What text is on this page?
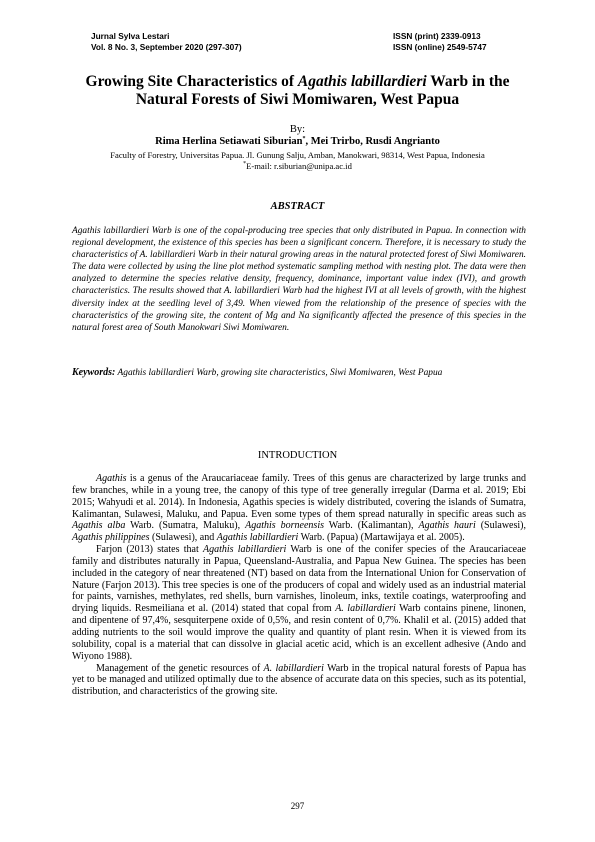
Jurnal Sylva Lestari	ISSN (print) 2339-0913
Vol. 8 No. 3, September 2020 (297-307)	ISSN (online) 2549-5747
Growing Site Characteristics of Agathis labillardieri Warb in the
Natural Forests of Siwi Momiwaren, West Papua
By:
Rima Herlina Setiawati Siburian*, Mei Trirbo, Rusdi Angrianto
Faculty of Forestry, Universitas Papua. Jl. Gunung Salju, Amban, Manokwari, 98314, West Papua, Indonesia
*E-mail: r.siburian@unipa.ac.id
ABSTRACT
Agathis labillardieri Warb is one of the copal-producing tree species that only distributed in Papua. In connection with regional development, the existence of this species has been a significant concern. Therefore, it is necessary to study the characteristics of A. labillardieri Warb in their natural growing areas in the natural protected forest of Siwi Momiwaren. The data were collected by using the line plot method systematic sampling method with nesting plot. The data were then analyzed to determine the species relative density, frequency, dominance, important value index (IVI), and growth characteristics. The results showed that A. labillardieri Warb had the highest IVI at all levels of growth, with the highest diversity index at the seedling level of 3,49. When viewed from the relationship of the presence of species with the characteristics of the growing site, the content of Mg and Na significantly affected the presence of this species in the natural forest area of South Manokwari Siwi Momiwaren.
Keywords: Agathis labillardieri Warb, growing site characteristics, Siwi Momiwaren, West Papua
INTRODUCTION

Agathis is a genus of the Araucariaceae family. Trees of this genus are characterized by large trunks and few branches, while in a young tree, the canopy of this type of tree generally irregular (Darma et al. 2019; Ebi 2015; Wahyudi et al. 2014). In Indonesia, Agathis species is widely distributed, covering the islands of Sumatra, Kalimantan, Sulawesi, Maluku, and Papua. Even some types of them spread naturally in specific areas such as Agathis alba Warb. (Sumatra, Maluku), Agathis borneensis Warb. (Kalimantan), Agathis hauri (Sulawesi), Agathis philippines (Sulawesi), and Agathis labillardieri Warb. (Papua) (Martawijaya et al. 2005).

Farjon (2013) states that Agathis labillardieri Warb is one of the conifer species of the Araucariaceae family and distributes naturally in Papua, Queensland-Australia, and Papua New Guinea. The species has been included in the category of near threatened (NT) based on data from the International Union for Conservation of Nature (Farjon 2013). This tree species is one of the producers of copal and widely used as an industrial material for paints, varnishes, methylates, red shells, burn varnishes, linoleum, inks, textile coatings, waterproofing and drying liquids. Resmeiliana et al. (2014) stated that copal from A. labillardieri Warb contains pinene, linonen, and dipentene of 97,4%, sesquiterpene oxide of 0,5%, and resin content of 0,7%. Khalil et al. (2015) added that adding nutrients to the soil would improve the quality and quantity of plant resin. When it is viewed from its solubility, copal is a material that can dissolve in glacial acetic acid, which is an excellent adhesive (Ando and Wiyono 1988).

Management of the genetic resources of A. labillardieri Warb in the tropical natural forests of Papua has yet to be managed and utilized optimally due to the absence of accurate data on this species, such as its potential, distribution, and characteristics of the growing site.

297
